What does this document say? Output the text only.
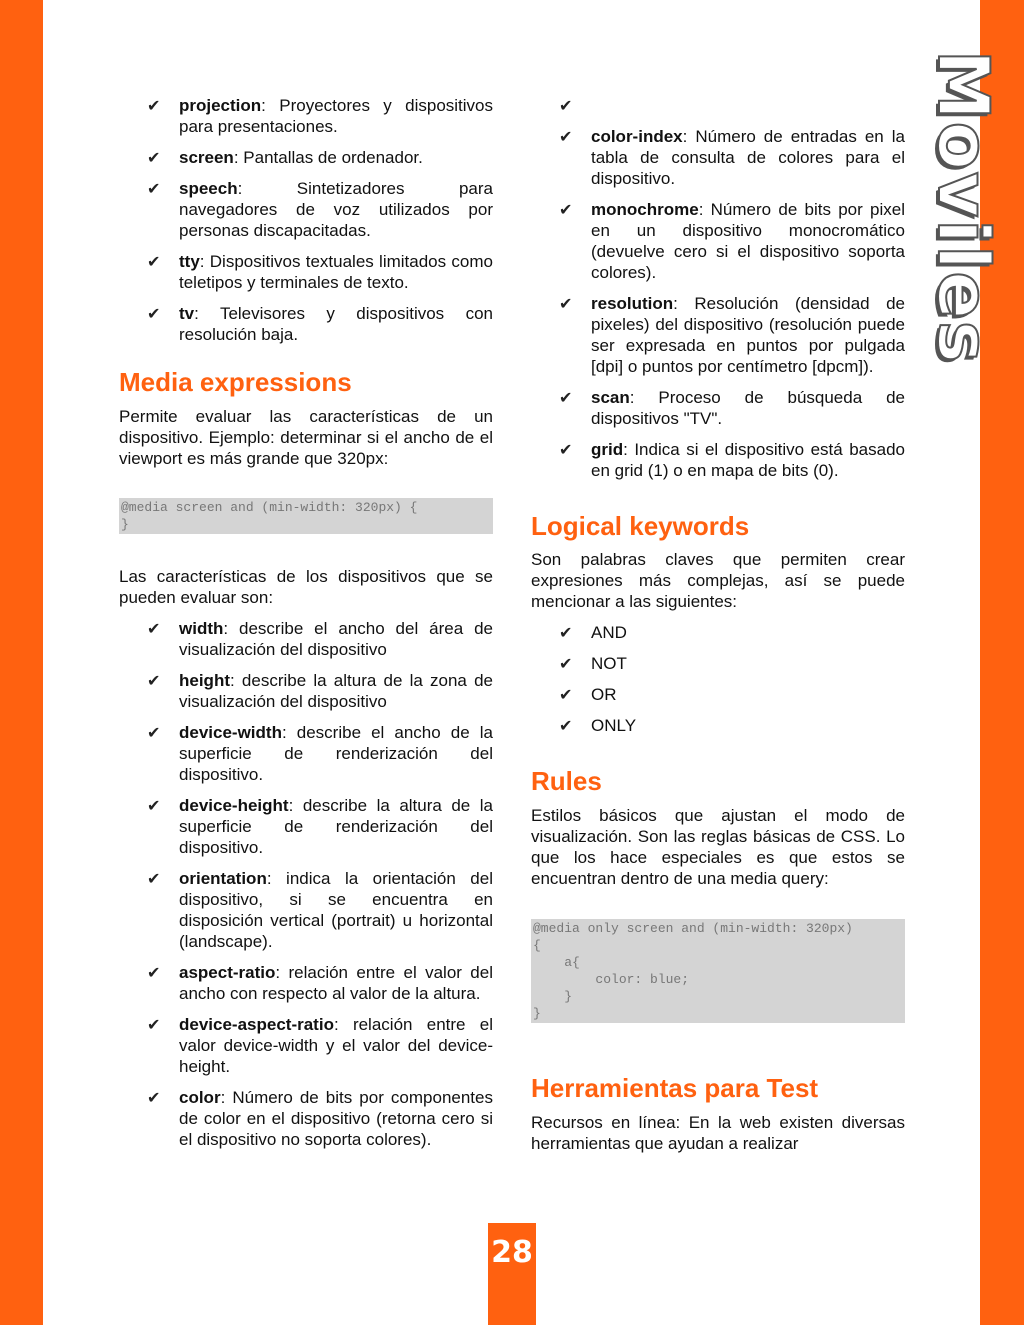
Moviles
28
✔ projection: Proyectores y dispositivos para presentaciones.
✔ screen: Pantallas de ordenador.
✔ speech: Sintetizadores para navegadores de voz utilizados por personas discapacitadas.
✔ tty: Dispositivos textuales limitados como teletipos y terminales de texto.
✔ tv: Televisores y dispositivos con resolución baja.
Media expressions

Permite evaluar las características de un dispositivo. Ejemplo: determinar si el ancho de el viewport es más grande que 320px:

@media screen and (min-width: 320px) {
}

Las características de los dispositivos que se pueden evaluar son:

✔ width: describe el ancho del área de visualización del dispositivo
✔ height: describe la altura de la zona de visualización del dispositivo
✔ device-width: describe el ancho de la superficie de renderización del dispositivo.
✔ device-height: describe la altura de la superficie de renderización del dispositivo.
✔ orientation: indica la orientación del dispositivo, si se encuentra en disposición vertical (portrait) u horizontal (landscape).
✔ aspect-ratio: relación entre el valor del ancho con respecto al valor de la altura.
✔ device-aspect-ratio: relación entre el valor device-width y el valor del device-height.
✔ color: Número de bits por componentes de color en el dispositivo (retorna cero si el dispositivo no soporta colores).
✔
✔ color-index: Número de entradas en la tabla de consulta de colores para el dispositivo.
✔ monochrome: Número de bits por pixel en un dispositivo monocromático (devuelve cero si el dispositivo soporta colores).
✔ resolution: Resolución (densidad de pixeles) del dispositivo (resolución puede ser expresada en puntos por pulgada [dpi] o puntos por centímetro [dpcm]).
✔ scan: Proceso de búsqueda de dispositivos "TV".
✔ grid: Indica si el dispositivo está basado en grid (1) o en mapa de bits (0).
Logical keywords

Son palabras claves que permiten crear expresiones más complejas, así se puede mencionar a las siguientes:

✔ AND
✔ NOT
✔ OR
✔ ONLY
Rules

Estilos básicos que ajustan el modo de visualización. Son las reglas básicas de CSS. Lo que los hace especiales es que estos se encuentran dentro de una media query:

@media only screen and (min-width: 320px)
{
a{
color: blue;
}
}
Herramientas para Test

Recursos en línea: En la web existen diversas herramientas que ayudan a realizar
